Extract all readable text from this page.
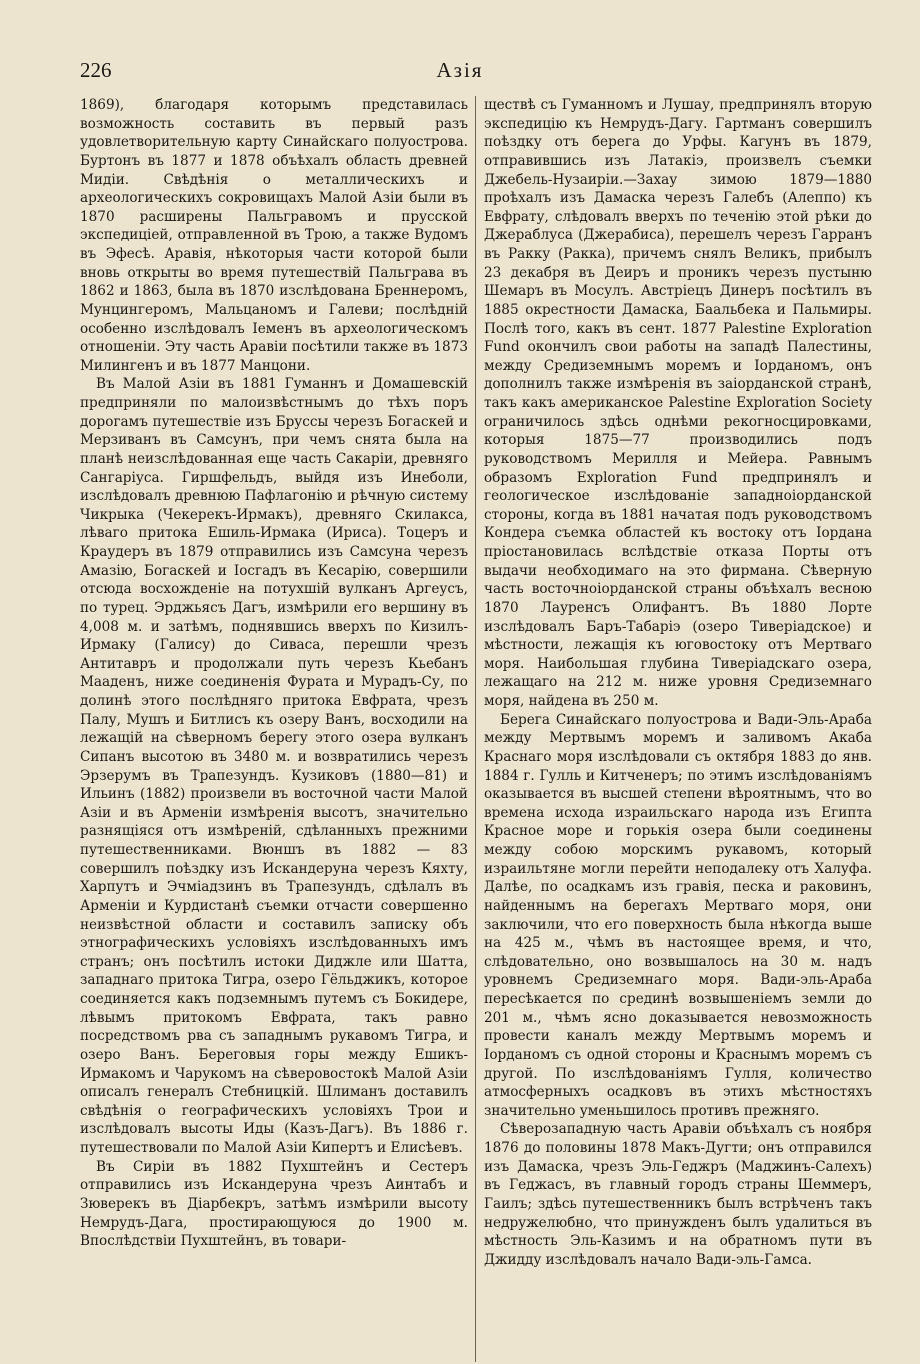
226	Азія

1869), благодаря которымъ представилась возможность составить въ первый разъ удовлетворительную карту Синайскаго полуострова. Буртонъ въ 1877 и 1878 объѣхалъ область древней Мидіи. Свѣдѣнія о металлическихъ и археологическихъ сокровищахъ Малой Азіи были въ 1870 расширены Пальгравомъ и прусской экспедиціей, отправленной въ Трою, а также Вудомъ въ Эфесѣ. Аравія, нѣкоторыя части которой были вновь открыты во время путешествій Пальграва въ 1862 и 1863, была въ 1870 изслѣдована Бреннеромъ, Мунцингеромъ, Мальцаномъ и Галеви; послѣдній особенно изслѣдовалъ Іеменъ въ археологическомъ отношеніи. Эту часть Аравіи посѣтили также въ 1873 Милингенъ и въ 1877 Манцони.

Въ Малой Азіи въ 1881 Гуманнъ и Домашевскій предприняли по малоизвѣстнымъ до тѣхъ поръ дорогамъ путешествіе изъ Бруссы черезъ Богаскей и Мерзиванъ въ Самсунъ, при чемъ снята была на планѣ неизслѣдованная еще часть Сакаріи, древняго Сангаріуса. Гиршфельдъ, выйдя изъ Инеболи, изслѣдовалъ древнюю Пафлагонію и рѣчную систему Чикрыка (Чекерекъ-Ирмакъ), древняго Скилакса, лѣваго притока Ешиль-Ирмака (Ириса). Тоцеръ и Краудеръ въ 1879 отправились изъ Самсуна черезъ Амазію, Богаскей и Іосгадъ въ Кесарію, совершили отсюда восхожденіе на потухшій вулканъ Аргеусъ, по турец. Эрджьясъ Дагъ, измѣрили его вершину въ 4,008 м. и затѣмъ, поднявшись вверхъ по Кизилъ-Ирмаку (Галису) до Сиваса, перешли чрезъ Антитавръ и продолжали путь черезъ Кьебанъ Мааденъ, ниже соединенія Фурата и Мурадъ-Су, по долинѣ этого послѣдняго притока Евфрата, чрезъ Палу, Мушъ и Битлисъ къ озеру Ванъ, восходили на лежащій на сѣверномъ берегу этого озера вулканъ Сипанъ высотою въ 3480 м. и возвратились черезъ Эрзерумъ въ Трапезундъ. Кузиковъ (1880—81) и Ильинъ (1882) произвели въ восточной части Малой Азіи и въ Арменіи измѣренія высотъ, значительно разнящіяся отъ измѣреній, сдѣланныхъ прежними путешественниками. Вюншъ въ 1882 — 83 совершилъ поѣздку изъ Искандеруна черезъ Кяхту, Харпутъ и Эчміадзинъ въ Трапезундъ, сдѣлалъ въ Арменіи и Курдистанѣ съемки отчасти совершенно неизвѣстной области и составилъ записку объ этнографическихъ условіяхъ изслѣдованныхъ имъ странъ; онъ посѣтилъ истоки Диджле или Шатта, западнаго притока Тигра, озеро Гёльджикъ, которое соединяется какъ подземнымъ путемъ съ Бокидере, лѣвымъ притокомъ Евфрата, такъ равно посредствомъ рва съ западнымъ рукавомъ Тигра, и озеро Ванъ. Береговыя горы между Ешикъ-Ирмакомъ и Чарукомъ на сѣверовостокѣ Малой Азіи описалъ генералъ Стебницкій. Шлиманъ доставилъ свѣдѣнія о географическихъ условіяхъ Трои и изслѣдовалъ высоты Иды (Казъ-Дагъ). Въ 1886 г. путешествовали по Малой Азіи Кипертъ и Елисѣевъ.

Въ Сиріи въ 1882 Пухштейнъ и Сестеръ отправились изъ Искандеруна чрезъ Аинтабъ и Зюверекъ въ Діарбекръ, затѣмъ измѣрили высоту Немрудъ-Дага, простирающуюся до 1900 м. Впослѣдствіи Пухштейнъ, въ товари-

ществѣ съ Гуманномъ и Лушау, предпринялъ вторую экспедицію къ Немрудъ-Дагу. Гартманъ совершилъ поѣздку отъ берега до Урфы. Кагунъ въ 1879, отправившись изъ Латакіэ, произвелъ съемки Джебель-Нузаиріи.—Захау зимою 1879—1880 проѣхалъ изъ Дамаска черезъ Галебъ (Алеппо) къ Евфрату, слѣдовалъ вверхъ по теченію этой рѣки до Джераблуса (Джерабиса), перешелъ черезъ Гарранъ въ Ракку (Ракка), причемъ снялъ Великъ, прибылъ 23 декабря въ Деиръ и проникъ черезъ пустыню Шемаръ въ Мосулъ. Австріецъ Динеръ посѣтилъ въ 1885 окрестности Дамаска, Баальбека и Пальмиры. Послѣ того, какъ въ сент. 1877 Palestine Exploration Fund окончилъ свои работы на западѣ Палестины, между Средиземнымъ моремъ и Іорданомъ, онъ дополнилъ также измѣренія въ заіорданской странѣ, такъ какъ американское Palestine Exploration Society ограничилось здѣсь однѣми рекогносцировками, которыя 1875—77 производились подъ руководствомъ Мерилля и Мейера. Равнымъ образомъ Exploration Fund предпринялъ и геологическое изслѣдованіе западноіорданской стороны, когда въ 1881 начатая подъ руководствомъ Кондера съемка областей къ востоку отъ Іордана пріостановилась вслѣдствіе отказа Порты отъ выдачи необходимаго на это фирмана. Сѣверную часть восточноіорданской страны объѣхалъ весною 1870 Лауренсъ Олифантъ. Въ 1880 Лорте изслѣдовалъ Баръ-Табаріэ (озеро Тиверіадское) и мѣстности, лежащія къ юговостоку отъ Мертваго моря. Наибольшая глубина Тиверіадскаго озера, лежащаго на 212 м. ниже уровня Средиземнаго моря, найдена въ 250 м.

Берега Синайскаго полуострова и Вади-Эль-Араба между Мертвымъ моремъ и заливомъ Акаба Краснаго моря изслѣдовали съ октября 1883 до янв. 1884 г. Гулль и Китченеръ; по этимъ изслѣдованіямъ оказывается въ высшей степени вѣроятнымъ, что во времена исхода израильскаго народа изъ Египта Красное море и горькія озера были соединены между собою морскимъ рукавомъ, который израильтяне могли перейти неподалеку отъ Халуфа. Далѣе, по осадкамъ изъ гравія, песка и раковинъ, найденнымъ на берегахъ Мертваго моря, они заключили, что его поверхность была нѣкогда выше на 425 м., чѣмъ въ настоящее время, и что, слѣдовательно, оно возвышалось на 30 м. надъ уровнемъ Средиземнаго моря. Вади-эль-Араба пересѣкается по срединѣ возвышеніемъ земли до 201 м., чѣмъ ясно доказывается невозможность провести каналъ между Мертвымъ моремъ и Іорданомъ съ одной стороны и Краснымъ моремъ съ другой. По изслѣдованіямъ Гулля, количество атмосферныхъ осадковъ въ этихъ мѣстностяхъ значительно уменьшилось противъ прежняго.

Сѣверозападную часть Аравіи объѣхалъ съ ноября 1876 до половины 1878 Макъ-Дугти; онъ отправился изъ Дамаска, чрезъ Эль-Геджръ (Маджинъ-Салехъ) въ Геджасъ, въ главный городъ страны Шеммеръ, Гаилъ; здѣсь путешественникъ былъ встрѣченъ такъ недружелюбно, что принужденъ былъ удалиться въ мѣстность Эль-Казимъ и на обратномъ пути въ Джидду изслѣдовалъ начало Вади-эль-Гамса.
